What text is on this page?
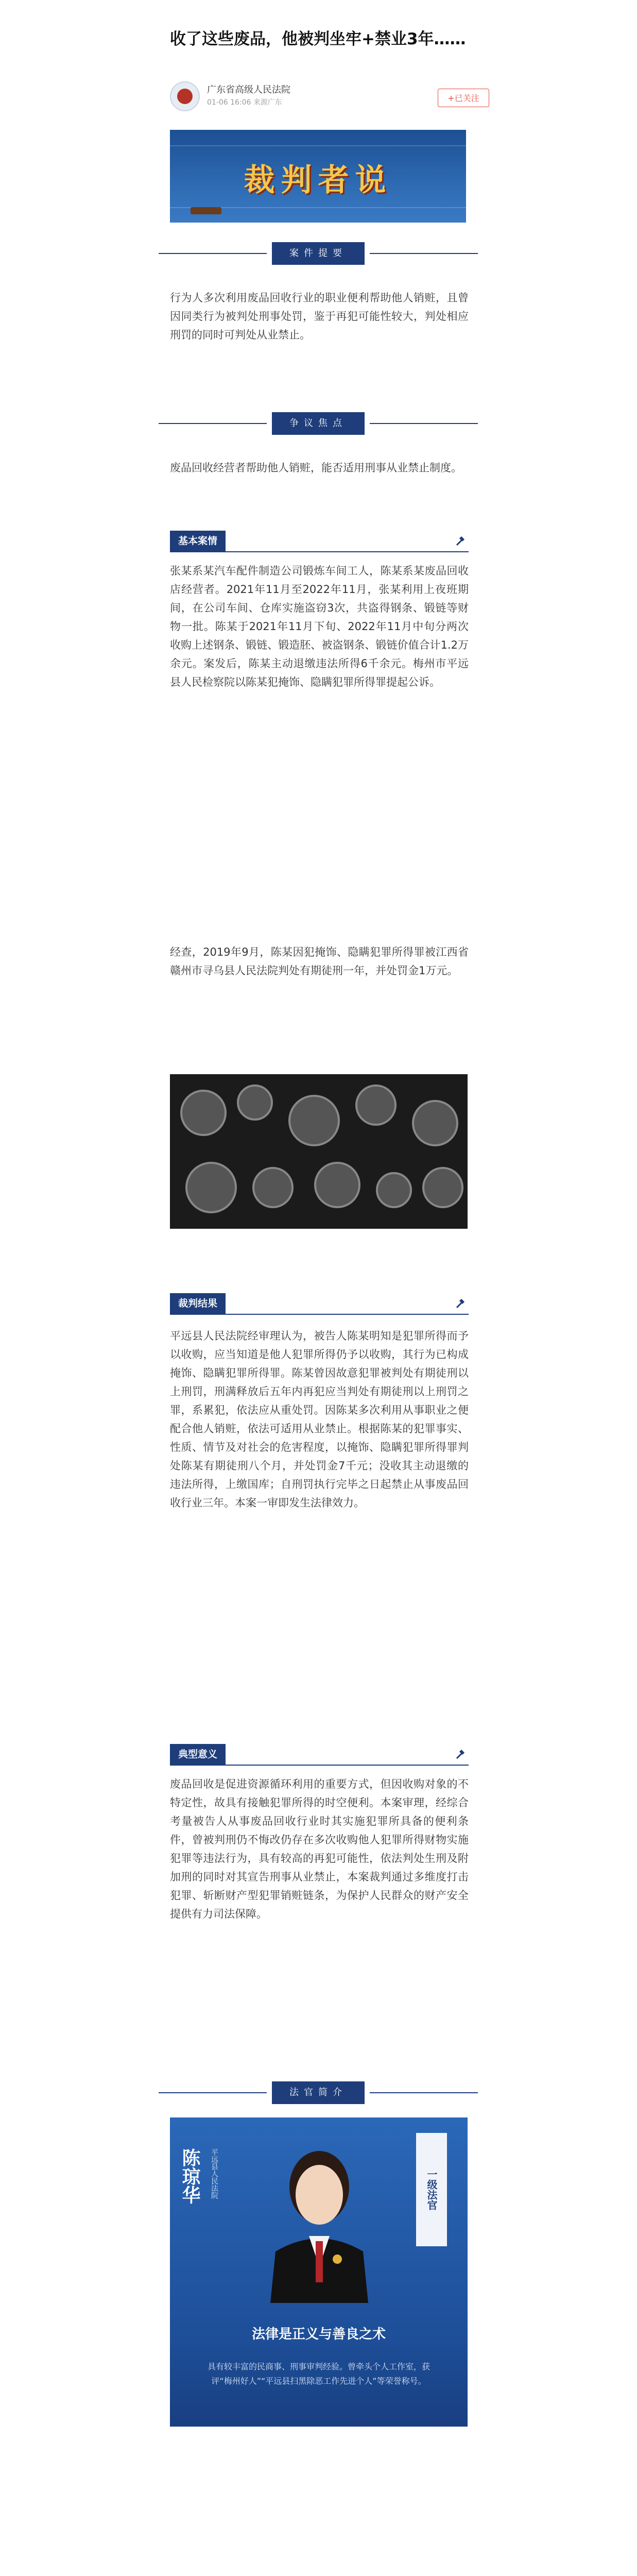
收了这些废品，他被判坐牢+禁业3年……
广东省高级人民法院
01-06 16:06 来源广东	+已关注
裁判者说
案件提要
行为人多次利用废品回收行业的职业便利帮助他人销赃，且曾因同类行为被判处刑事处罚，鉴于再犯可能性较大，判处相应刑罚的同时可判处从业禁止。
争议焦点
废品回收经营者帮助他人销赃，能否适用刑事从业禁止制度。
基本案情
张某系某汽车配件制造公司锻炼车间工人，陈某系某废品回收店经营者。2021年11月至2022年11月，张某利用上夜班期间，在公司车间、仓库实施盗窃3次，共盗得钢条、锻链等财物一批。陈某于2021年11月下旬、2022年11月中旬分两次收购上述钢条、锻链、锻造胚、被盗钢条、锻链价值合计1.2万余元。案发后，陈某主动退缴违法所得6千余元。梅州市平远县人民检察院以陈某犯掩饰、隐瞒犯罪所得罪提起公诉。
经查，2019年9月，陈某因犯掩饰、隐瞒犯罪所得罪被江西省赣州市寻乌县人民法院判处有期徒刑一年，并处罚金1万元。
裁判结果
平远县人民法院经审理认为，被告人陈某明知是犯罪所得而予以收购，应当知道是他人犯罪所得仍予以收购，其行为已构成掩饰、隐瞒犯罪所得罪。陈某曾因故意犯罪被判处有期徒刑以上刑罚，刑满释放后五年内再犯应当判处有期徒刑以上刑罚之罪，系累犯，依法应从重处罚。因陈某多次利用从事职业之便配合他人销赃，依法可适用从业禁止。根据陈某的犯罪事实、性质、情节及对社会的危害程度，以掩饰、隐瞒犯罪所得罪判处陈某有期徒刑八个月，并处罚金7千元；没收其主动退缴的违法所得，上缴国库；自刑罚执行完毕之日起禁止从事废品回收行业三年。本案一审即发生法律效力。
典型意义
废品回收是促进资源循环利用的重要方式，但因收购对象的不特定性，故具有接触犯罪所得的时空便利。本案审理，经综合考量被告人从事废品回收行业时其实施犯罪所具备的便利条件，曾被判刑仍不悔改仍存在多次收购他人犯罪所得财物实施犯罪等违法行为，具有较高的再犯可能性，依法判处生刑及附加刑的同时对其宣告刑事从业禁止，本案裁判通过多维度打击犯罪、斩断财产型犯罪销赃链条，为保护人民群众的财产安全提供有力司法保障。
法官简介
陈琼华	平远县人民法院	一级法官
法律是正义与善良之术
具有较丰富的民商事、刑事审判经验。曾牵头个人工作室，获评“梅州好人”“平远县扫黑除恶工作先进个人”等荣誉称号。
